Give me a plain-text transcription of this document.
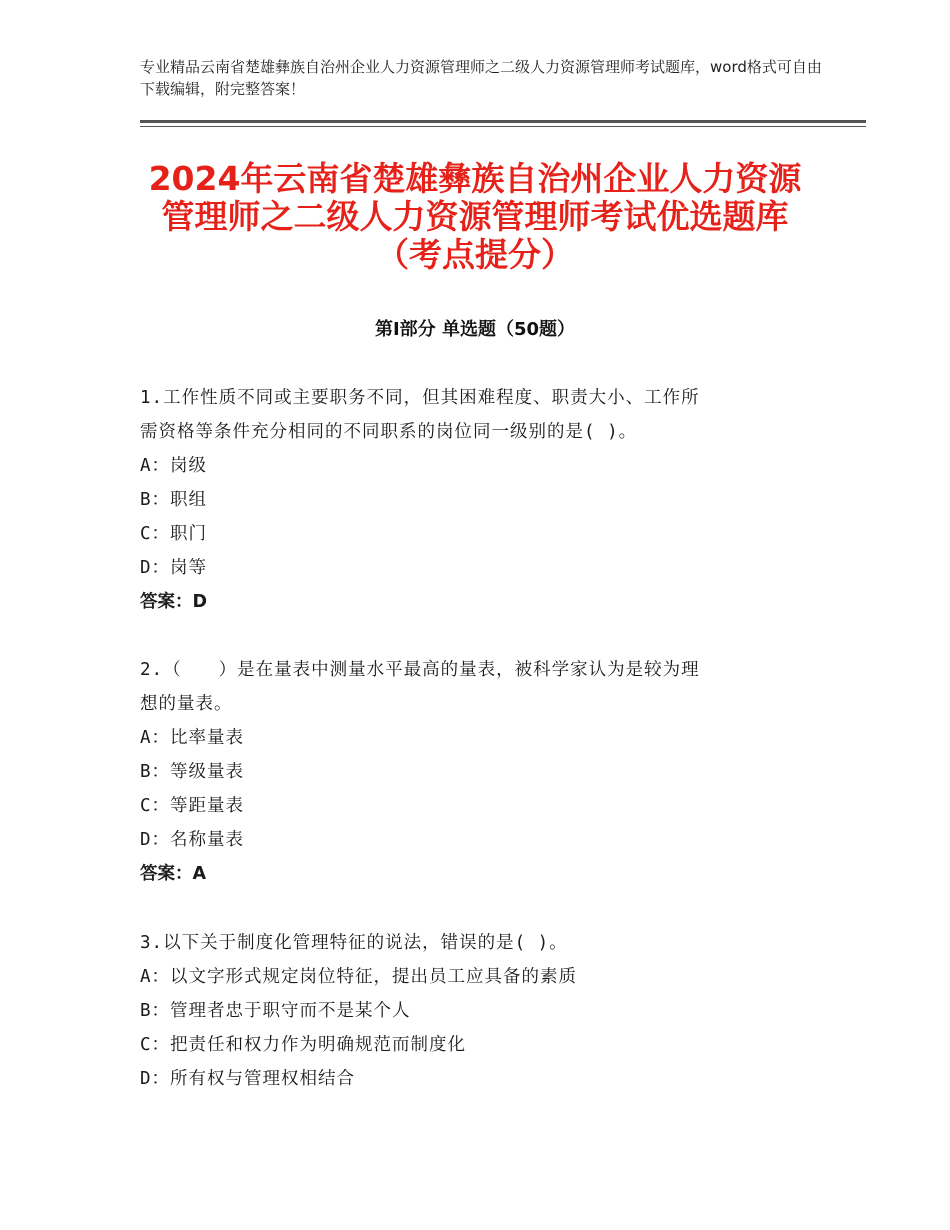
专业精品云南省楚雄彝族自治州企业人力资源管理师之二级人力资源管理师考试题库，word格式可自由下载编辑，附完整答案！
2024年云南省楚雄彝族自治州企业人力资源
管理师之二级人力资源管理师考试优选题库
（考点提分）
第Ⅰ部分 单选题（50题）
1.工作性质不同或主要职务不同，但其困难程度、职责大小、工作所
需资格等条件充分相同的不同职系的岗位同一级别的是( )。
A：岗级
B：职组
C：职门
D：岗等
答案：D
2.（　　）是在量表中测量水平最高的量表，被科学家认为是较为理
想的量表。
A：比率量表
B：等级量表
C：等距量表
D：名称量表
答案：A
3.以下关于制度化管理特征的说法，错误的是( )。
A：以文字形式规定岗位特征，提出员工应具备的素质
B：管理者忠于职守而不是某个人
C：把责任和权力作为明确规范而制度化
D：所有权与管理权相结合
